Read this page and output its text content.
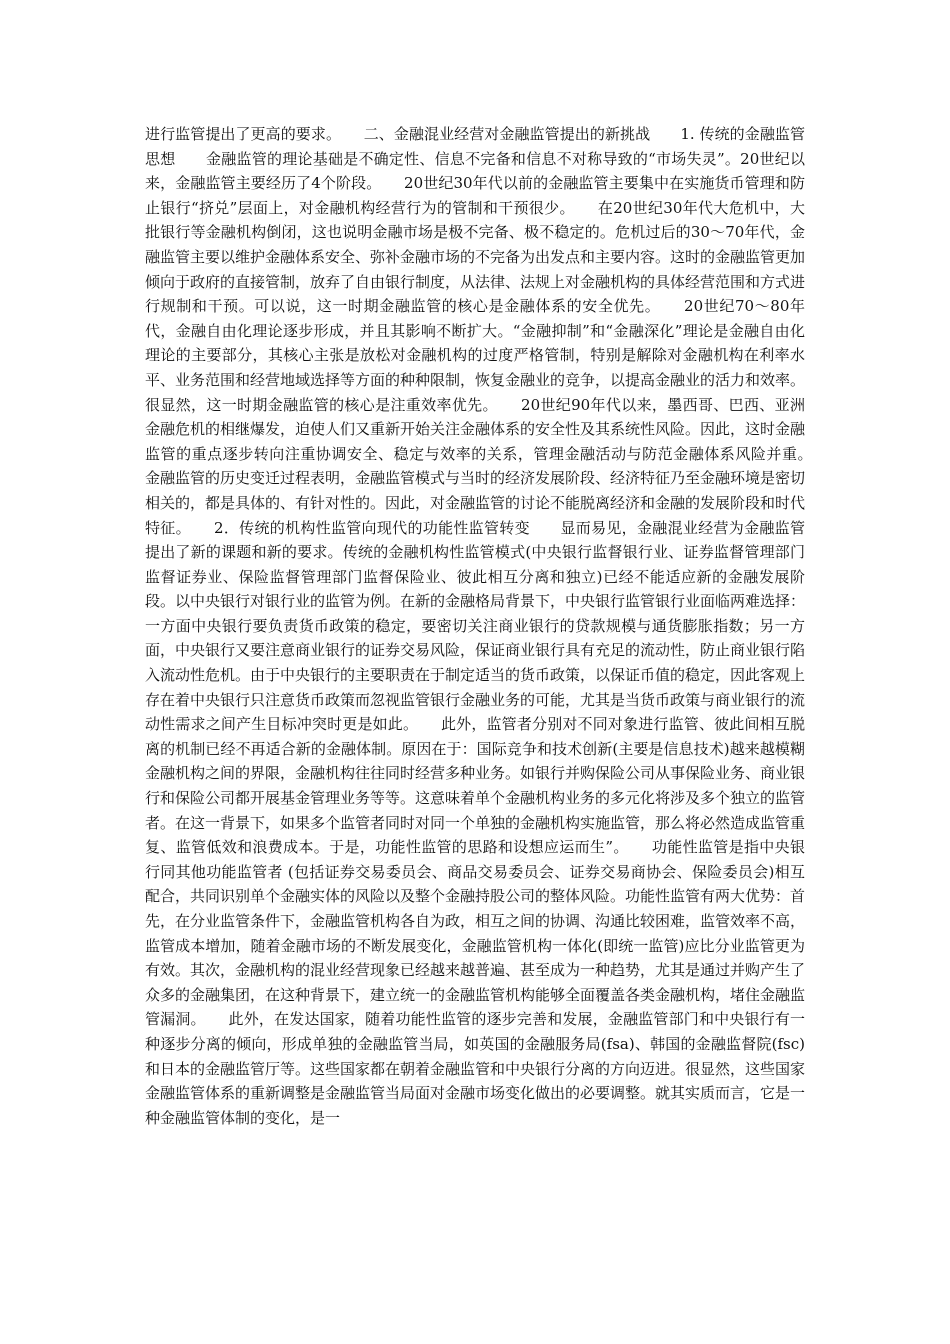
进行监管提出了更高的要求。　　二、金融混业经营对金融监管提出的新挑战　　1. 传统的金融监管思想　　金融监管的理论基础是不确定性、信息不完备和信息不对称导致的“市场失灵”。20世纪以来，金融监管主要经历了4个阶段。　　20世纪30年代以前的金融监管主要集中在实施货币管理和防止银行“挤兑”层面上，对金融机构经营行为的管制和干预很少。　　在20世纪30年代大危机中，大批银行等金融机构倒闭，这也说明金融市场是极不完备、极不稳定的。危机过后的30～70年代，金融监管主要以维护金融体系安全、弥补金融市场的不完备为出发点和主要内容。这时的金融监管更加倾向于政府的直接管制，放弃了自由银行制度，从法律、法规上对金融机构的具体经营范围和方式进行规制和干预。可以说，这一时期金融监管的核心是金融体系的安全优先。　　20世纪70～80年代，金融自由化理论逐步形成，并且其影响不断扩大。“金融抑制”和“金融深化”理论是金融自由化理论的主要部分，其核心主张是放松对金融机构的过度严格管制，特别是解除对金融机构在利率水平、业务范围和经营地域选择等方面的种种限制，恢复金融业的竞争，以提高金融业的活力和效率。很显然，这一时期金融监管的核心是注重效率优先。　　20世纪90年代以来，墨西哥、巴西、亚洲金融危机的相继爆发，迫使人们又重新开始关注金融体系的安全性及其系统性风险。因此，这时金融监管的重点逐步转向注重协调安全、稳定与效率的关系，管理金融活动与防范金融体系风险并重。　　金融监管的历史变迁过程表明，金融监管模式与当时的经济发展阶段、经济特征乃至金融环境是密切相关的，都是具体的、有针对性的。因此，对金融监管的讨论不能脱离经济和金融的发展阶段和时代特征。　　2．传统的机构性监管向现代的功能性监管转变　　显而易见，金融混业经营为金融监管提出了新的课题和新的要求。传统的金融机构性监管模式(中央银行监督银行业、证券监督管理部门监督证券业、保险监督管理部门监督保险业、彼此相互分离和独立)已经不能适应新的金融发展阶段。以中央银行对银行业的监管为例。在新的金融格局背景下，中央银行监管银行业面临两难选择：一方面中央银行要负责货币政策的稳定，要密切关注商业银行的贷款规模与通货膨胀指数；另一方面，中央银行又要注意商业银行的证券交易风险，保证商业银行具有充足的流动性，防止商业银行陷入流动性危机。由于中央银行的主要职责在于制定适当的货币政策，以保证币值的稳定，因此客观上存在着中央银行只注意货币政策而忽视监管银行金融业务的可能，尤其是当货币政策与商业银行的流动性需求之间产生目标冲突时更是如此。　　此外，监管者分别对不同对象进行监管、彼此间相互脱离的机制已经不再适合新的金融体制。原因在于：国际竞争和技术创新(主要是信息技术)越来越模糊金融机构之间的界限，金融机构往往同时经营多种业务。如银行并购保险公司从事保险业务、商业银行和保险公司都开展基金管理业务等等。这意味着单个金融机构业务的多元化将涉及多个独立的监管者。在这一背景下，如果多个监管者同时对同一个单独的金融机构实施监管，那么将必然造成监管重复、监管低效和浪费成本。于是，功能性监管的思路和设想应运而生”。　　功能性监管是指中央银行同其他功能监管者 (包括证券交易委员会、商品交易委员会、证券交易商协会、保险委员会)相互配合，共同识别单个金融实体的风险以及整个金融持股公司的整体风险。功能性监管有两大优势：首先，在分业监管条件下，金融监管机构各自为政，相互之间的协调、沟通比较困难，监管效率不高，监管成本增加，随着金融市场的不断发展变化，金融监管机构一体化(即统一监管)应比分业监管更为有效。其次，金融机构的混业经营现象已经越来越普遍、甚至成为一种趋势，尤其是通过并购产生了众多的金融集团，在这种背景下，建立统一的金融监管机构能够全面覆盖各类金融机构，堵住金融监管漏洞。　　此外，在发达国家，随着功能性监管的逐步完善和发展，金融监管部门和中央银行有一种逐步分离的倾向，形成单独的金融监管当局，如英国的金融服务局(fsa)、韩国的金融监督院(fsc)和日本的金融监管厅等。这些国家都在朝着金融监管和中央银行分离的方向迈进。很显然，这些国家金融监管体系的重新调整是金融监管当局面对金融市场变化做出的必要调整。就其实质而言，它是一种金融监管体制的变化，是一
